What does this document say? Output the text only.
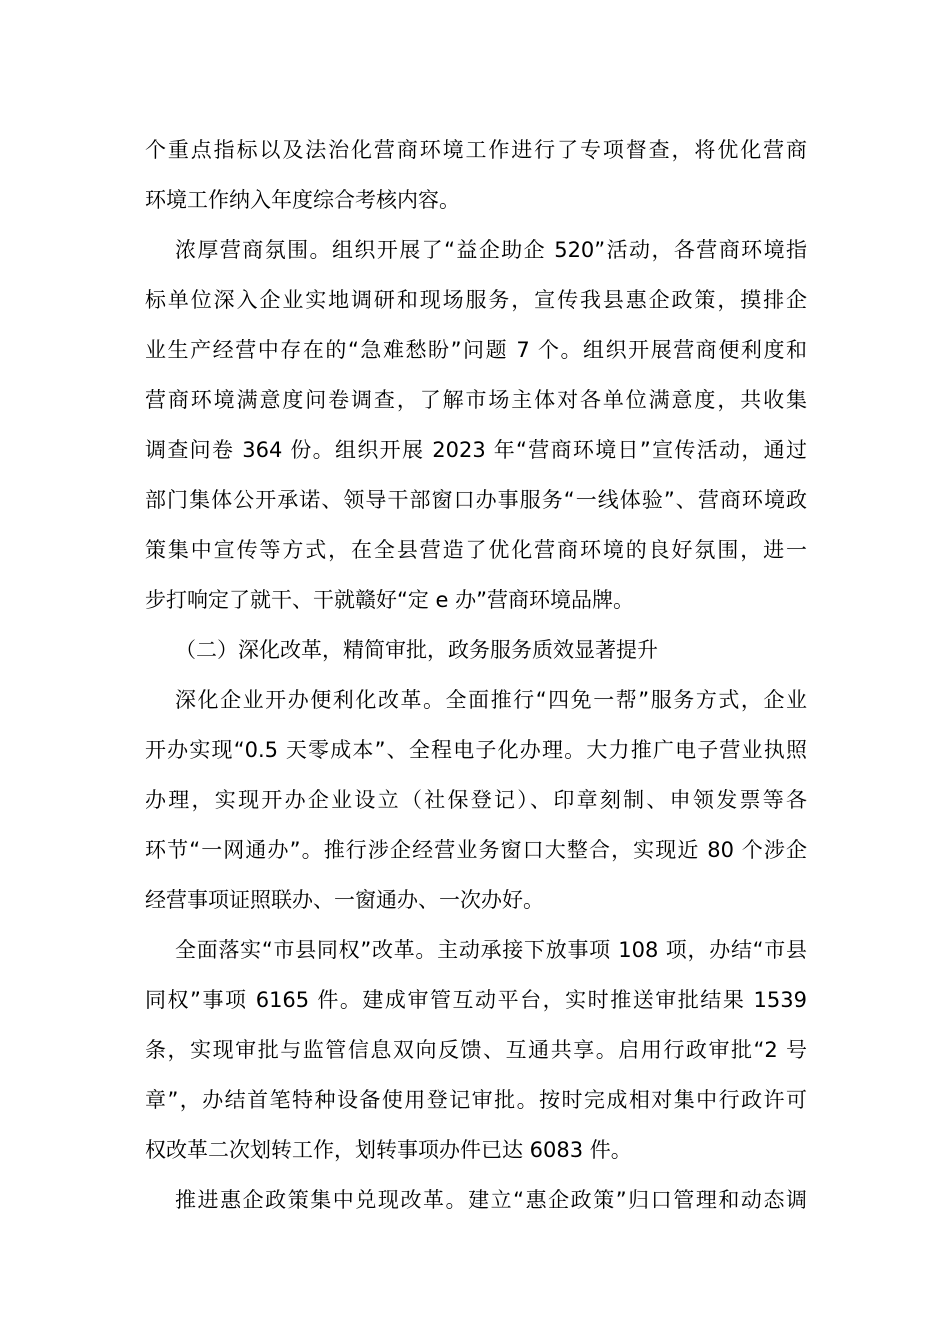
个重点指标以及法治化营商环境工作进行了专项督查，将优化营商
环境工作纳入年度综合考核内容。
浓厚营商氛围。组织开展了“益企助企 520”活动，各营商环境指
标单位深入企业实地调研和现场服务，宣传我县惠企政策，摸排企
业生产经营中存在的“急难愁盼”问题 7 个。组织开展营商便利度和
营商环境满意度问卷调查，了解市场主体对各单位满意度，共收集
调查问卷 364 份。组织开展 2023 年“营商环境日”宣传活动，通过
部门集体公开承诺、领导干部窗口办事服务“一线体验”、营商环境政
策集中宣传等方式，在全县营造了优化营商环境的良好氛围，进一
步打响定了就干、干就赣好“定 e 办”营商环境品牌。
（二）深化改革，精简审批，政务服务质效显著提升
深化企业开办便利化改革。全面推行“四免一帮”服务方式，企业
开办实现“0.5 天零成本”、全程电子化办理。大力推广电子营业执照
办理，实现开办企业设立（社保登记）、印章刻制、申领发票等各
环节“一网通办”。推行涉企经营业务窗口大整合，实现近 80 个涉企
经营事项证照联办、一窗通办、一次办好。
全面落实“市县同权”改革。主动承接下放事项 108 项，办结“市县
同权”事项 6165 件。建成审管互动平台，实时推送审批结果 1539
条，实现审批与监管信息双向反馈、互通共享。启用行政审批“2 号
章”，办结首笔特种设备使用登记审批。按时完成相对集中行政许可
权改革二次划转工作，划转事项办件已达 6083 件。
推进惠企政策集中兑现改革。建立“惠企政策”归口管理和动态调
